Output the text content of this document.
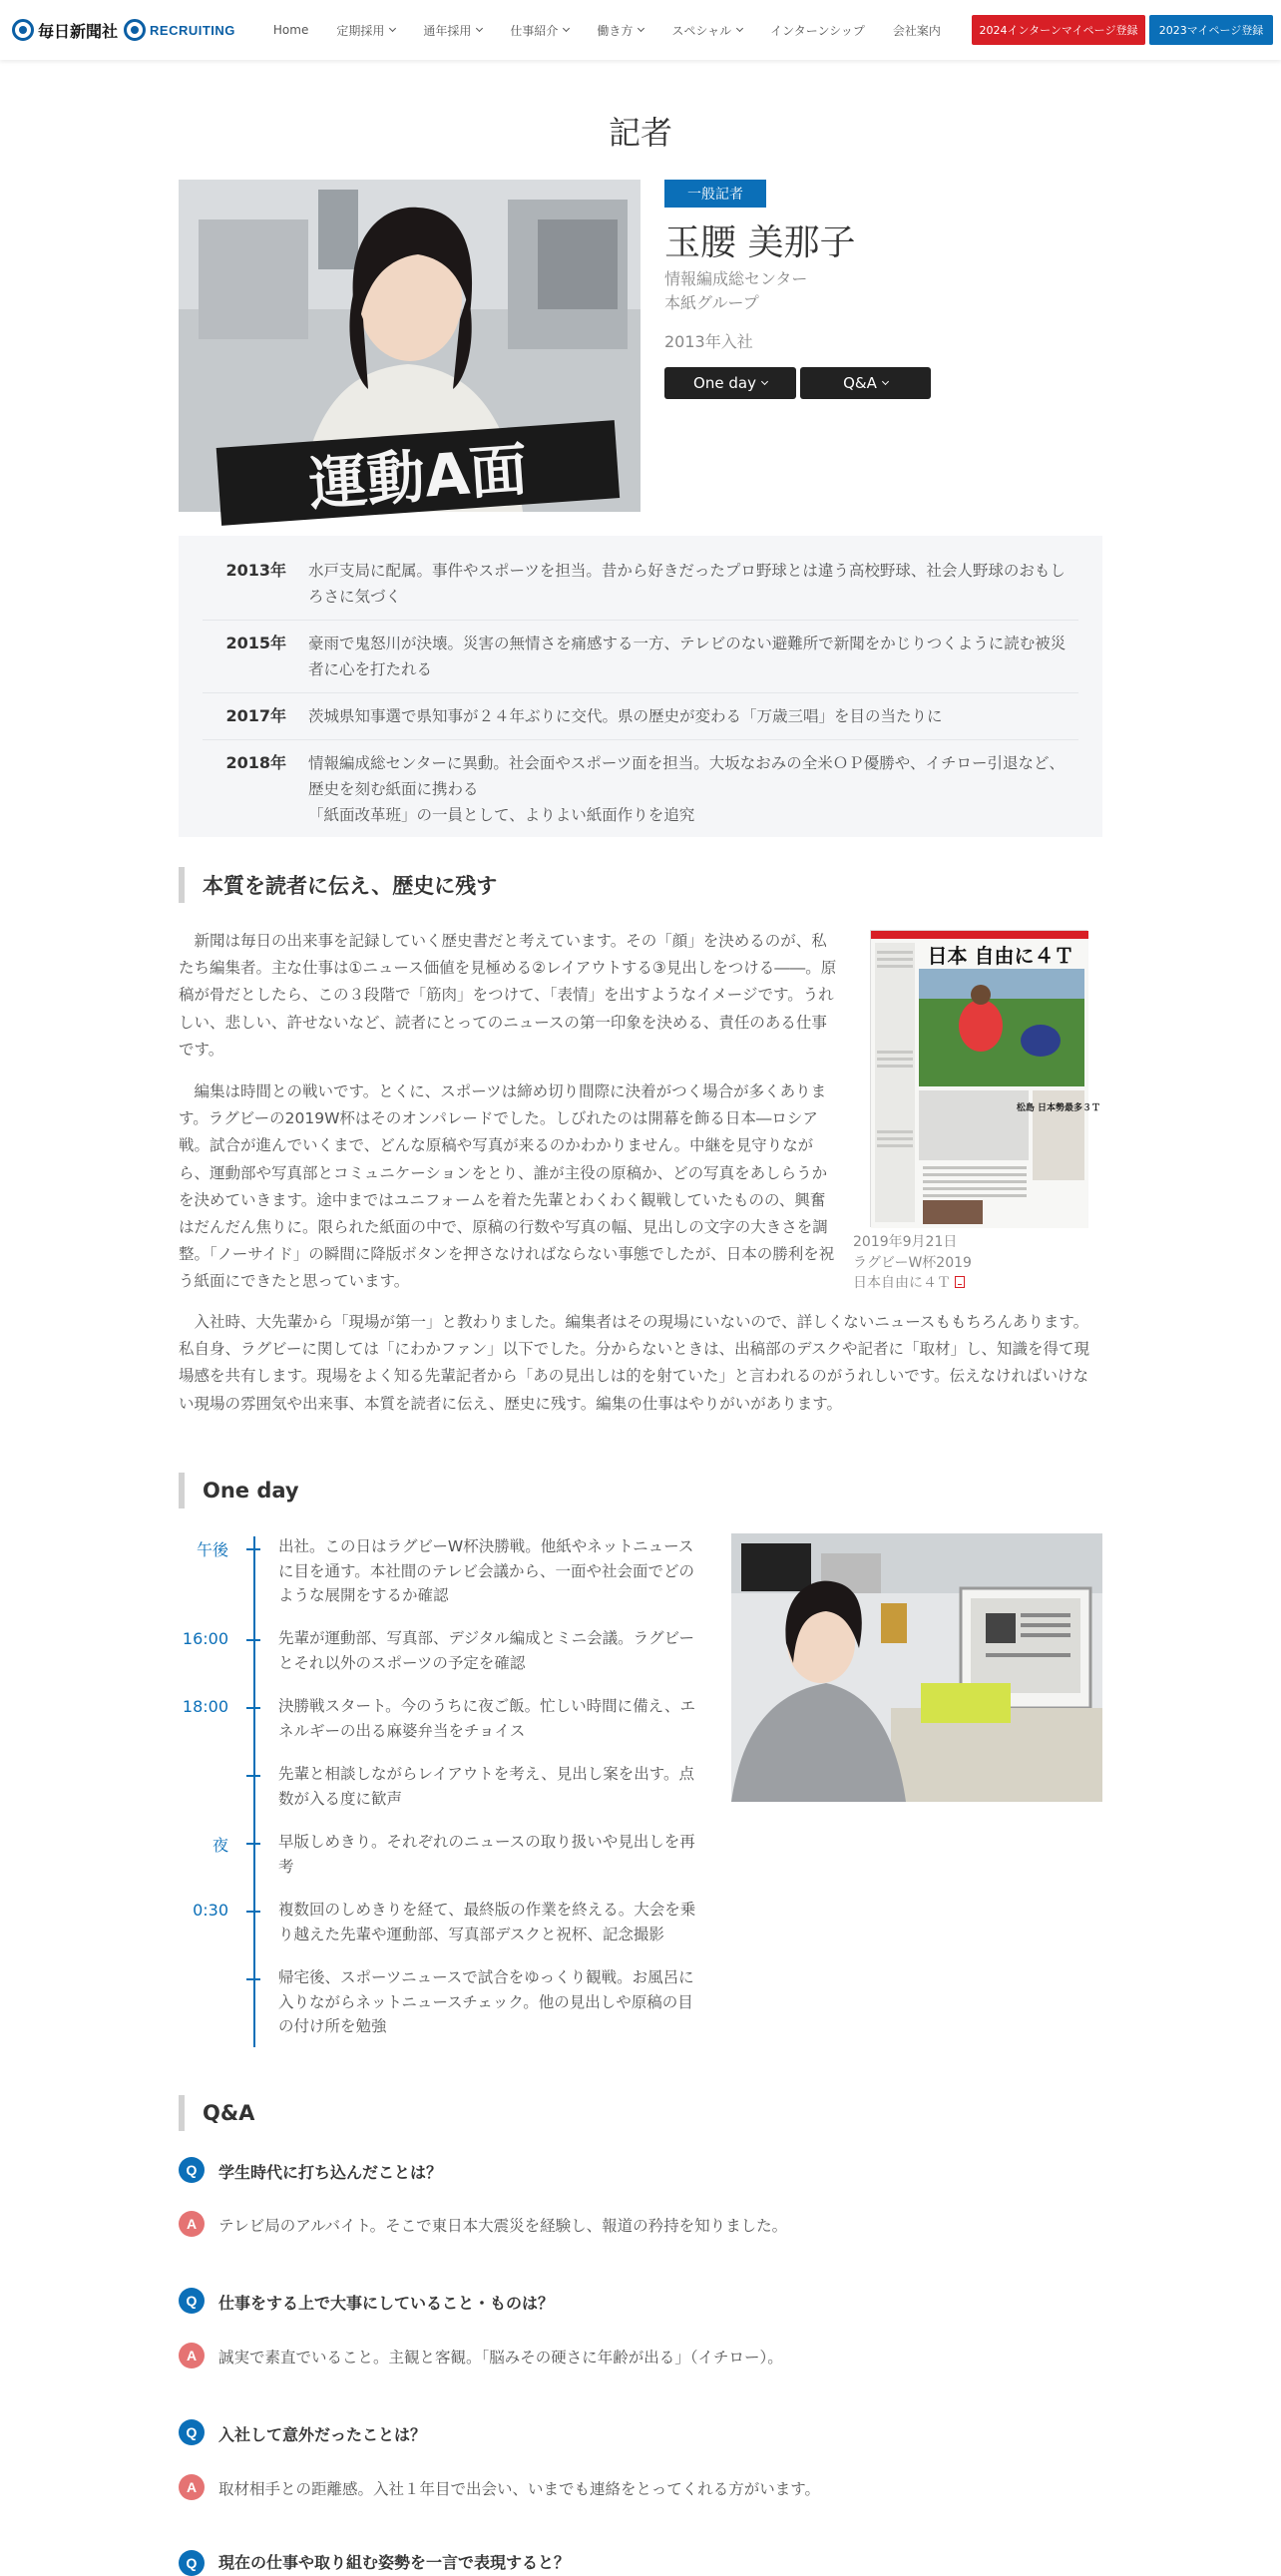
毎日新聞社 RECRUITING	Home 定期採用	通年採用	仕事紹介	働き方	スペシャル	インターンシップ 会社案内	2024インターンマイページ登録	2023マイページ登録
記者
運動A面
一般記者
玉腰 美那子
情報編成総センター
本紙グループ
2013年入社
One day	Q&A
2013年 水戸支局に配属。事件やスポーツを担当。昔から好きだったプロ野球とは違う高校野球、社会人野球のおもしろさに気づく
2015年 豪雨で鬼怒川が決壊。災害の無情さを痛感する一方、テレビのない避難所で新聞をかじりつくように読む被災者に心を打たれる
2017年 茨城県知事選で県知事が２４年ぶりに交代。県の歴史が変わる「万歳三唱」を目の当たりに
2018年 情報編成総センターに異動。社会面やスポーツ面を担当。大坂なおみの全米ＯＰ優勝や、イチロー引退など、歴史を刻む紙面に携わる
「紙面改革班」の一員として、よりよい紙面作りを追究
本質を読者に伝え、歴史に残す

新聞は毎日の出来事を記録していく歴史書だと考えています。その「顔」を決めるのが、私たち編集者。主な仕事は①ニュース価値を見極める②レイアウトする③見出しをつける――。原稿が骨だとしたら、この３段階で「筋肉」をつけて、「表情」を出すようなイメージです。うれしい、悲しい、許せないなど、読者にとってのニュースの第一印象を決める、責任のある仕事です。

編集は時間との戦いです。とくに、スポーツは締め切り間際に決着がつく場合が多くあります。ラグビーの2019W杯はそのオンパレードでした。しびれたのは開幕を飾る日本―ロシア戦。試合が進んでいくまで、どんな原稿や写真が来るのかわかりません。中継を見守りながら、運動部や写真部とコミュニケーションをとり、誰が主役の原稿か、どの写真をあしらうかを決めていきます。途中まではユニフォームを着た先輩とわくわく観戦していたものの、興奮はだんだん焦りに。限られた紙面の中で、原稿の行数や写真の幅、見出しの文字の大きさを調整。「ノーサイド」の瞬間に降版ボタンを押さなければならない事態でしたが、日本の勝利を祝う紙面にできたと思っています。

入社時、大先輩から「現場が第一」と教わりました。編集者はその現場にいないので、詳しくないニュースももちろんあります。私自身、ラグビーに関しては「にわかファン」以下でした。分からないときは、出稿部のデスクや記者に「取材」し、知識を得て現場感を共有します。現場をよく知る先輩記者から「あの見出しは的を射ていた」と言われるのがうれしいです。伝えなければいけない現場の雰囲気や出来事、本質を読者に伝え、歴史に残す。編集の仕事はやりがいがあります。

日本 自由に４Ｔ
松島 日本勢最多３Ｔ
2019年9月21日
ラグビーW杯2019
日本自由に４Ｔ
One day
午後	出社。この日はラグビーW杯決勝戦。他紙やネットニュースに目を通す。本社間のテレビ会議から、一面や社会面でどのような展開をするか確認
16:00	先輩が運動部、写真部、デジタル編成とミニ会議。ラグビーとそれ以外のスポーツの予定を確認
18:00	決勝戦スタート。今のうちに夜ご飯。忙しい時間に備え、エネルギーの出る麻婆弁当をチョイス
先輩と相談しながらレイアウトを考え、見出し案を出す。点数が入る度に歓声
夜	早版しめきり。それぞれのニュースの取り扱いや見出しを再考
0:30	複数回のしめきりを経て、最終版の作業を終える。大会を乗り越えた先輩や運動部、写真部デスクと祝杯、記念撮影
帰宅後、スポーツニュースで試合をゆっくり観戦。お風呂に入りながらネットニュースチェック。他の見出しや原稿の目の付け所を勉強
Q&A
Q	学生時代に打ち込んだことは？
A	テレビ局のアルバイト。そこで東日本大震災を経験し、報道の矜持を知りました。
Q	仕事をする上で大事にしていること・ものは？
A	誠実で素直でいること。主観と客観。「脳みその硬さに年齢が出る」（イチロー）。
Q	入社して意外だったことは？
A	取材相手との距離感。入社１年目で出会い、いまでも連絡をとってくれる方がいます。
Q	現在の仕事や取り組む姿勢を一言で表現すると？
